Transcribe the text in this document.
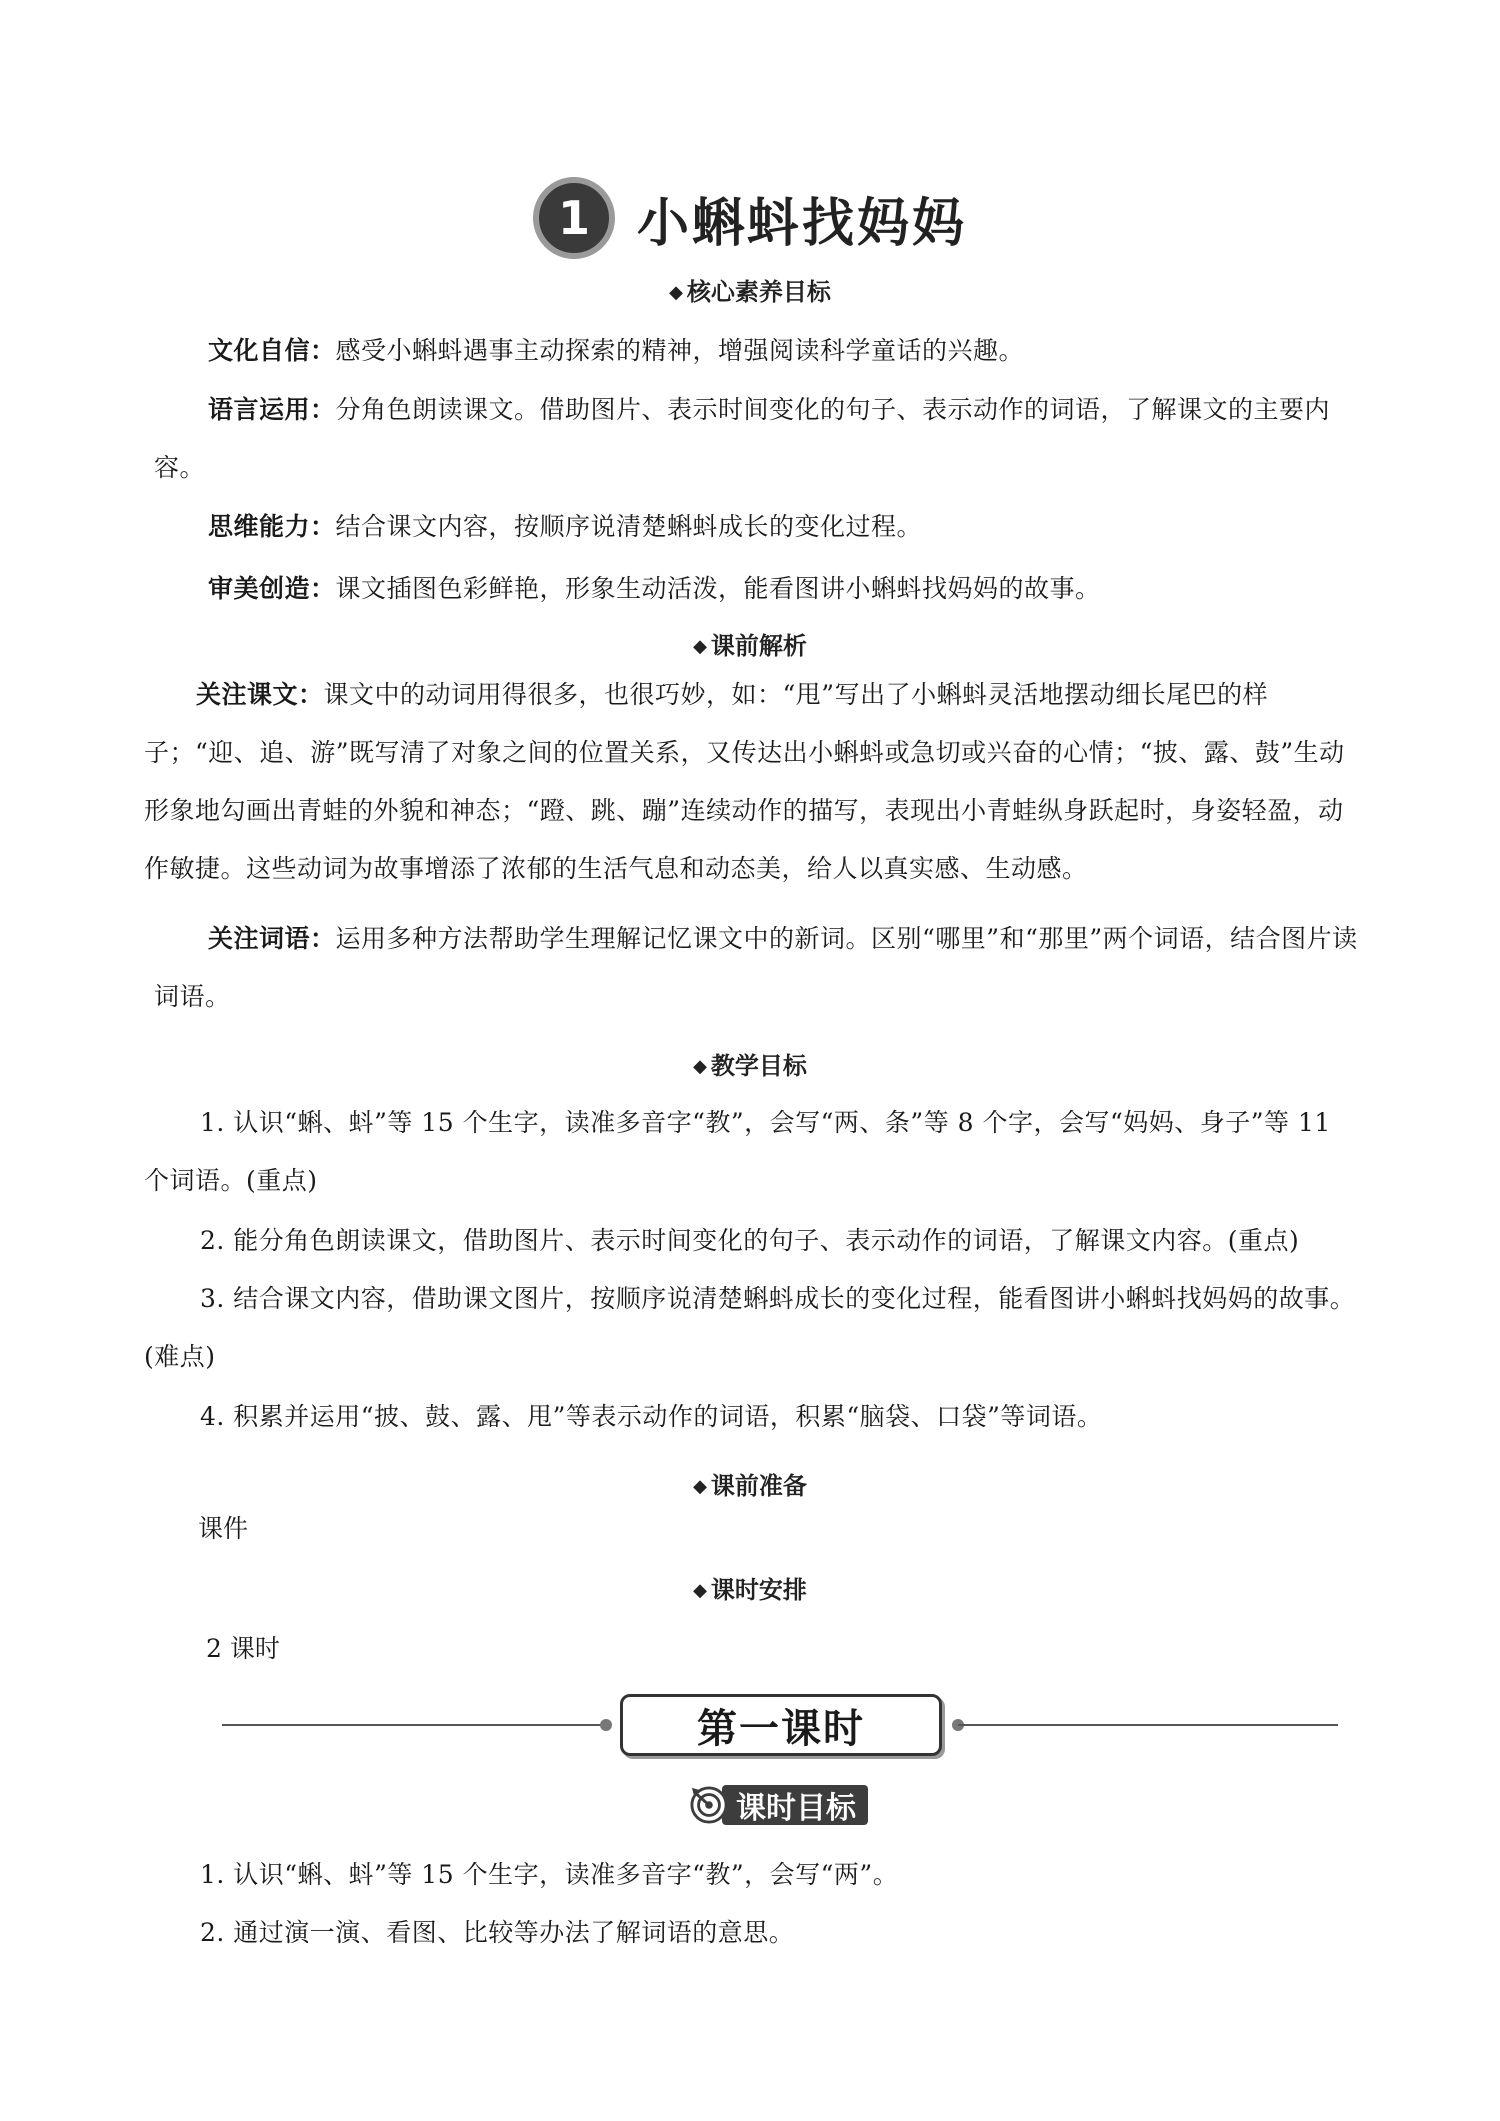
1 小蝌蚪找妈妈
◆ 核心素养目标
文化自信：感受小蝌蚪遇事主动探索的精神，增强阅读科学童话的兴趣。
语言运用：分角色朗读课文。借助图片、表示时间变化的句子、表示动作的词语，了解课文的主要内容。
思维能力：结合课文内容，按顺序说清楚蝌蚪成长的变化过程。
审美创造：课文插图色彩鲜艳，形象生动活泼，能看图讲小蝌蚪找妈妈的故事。
◆ 课前解析
关注课文：课文中的动词用得很多，也很巧妙，如：“甩”写出了小蝌蚪灵活地摆动细长尾巴的样子；“迎、追、游”既写清了对象之间的位置关系，又传达出小蝌蚪或急切或兴奋的心情；“披、露、鼓”生动形象地勾画出青蛙的外貌和神态；“蹬、跳、蹦”连续动作的描写，表现出小青蛙纵身跃起时，身姿轻盈，动作敏捷。这些动词为故事增添了浓郁的生活气息和动态美，给人以真实感、生动感。
关注词语：运用多种方法帮助学生理解记忆课文中的新词。区别“哪里”和“那里”两个词语，结合图片读词语。
◆ 教学目标
1. 认识“蝌、蚪”等 15 个生字，读准多音字“教”，会写“两、条”等 8 个字，会写“妈妈、身子”等 11 个词语。(重点)
2. 能分角色朗读课文，借助图片、表示时间变化的句子、表示动作的词语，了解课文内容。(重点)
3. 结合课文内容，借助课文图片，按顺序说清楚蝌蚪成长的变化过程，能看图讲小蝌蚪找妈妈的故事。(难点)
4. 积累并运用“披、鼓、露、甩”等表示动作的词语，积累“脑袋、口袋”等词语。
◆ 课前准备
课件
◆ 课时安排
2 课时
第一课时
课时目标
1. 认识“蝌、蚪”等 15 个生字，读准多音字“教”，会写“两”。
2. 通过演一演、看图、比较等办法了解词语的意思。
